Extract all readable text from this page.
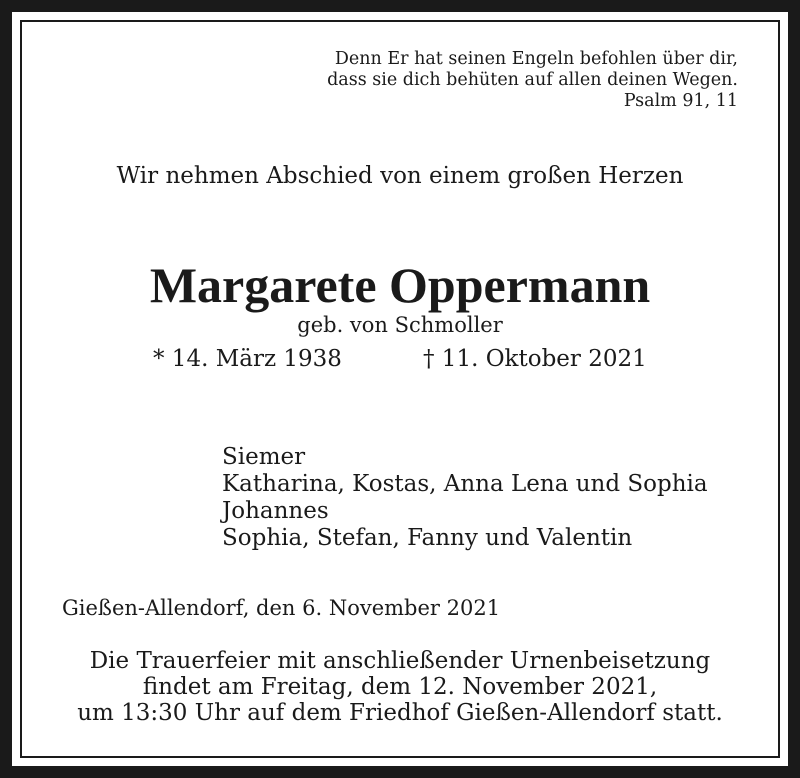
Denn Er hat seinen Engeln befohlen über dir,
dass sie dich behüten auf allen deinen Wegen.
Psalm 91, 11
Wir nehmen Abschied von einem großen Herzen
Margarete Oppermann
geb. von Schmoller
* 14. März 1938	† 11. Oktober 2021
Siemer
Katharina, Kostas, Anna Lena und Sophia
Johannes
Sophia, Stefan, Fanny und Valentin
Gießen-Allendorf, den 6. November 2021
Die Trauerfeier mit anschließender Urnenbeisetzung
findet am Freitag, dem 12. November 2021,
um 13:30 Uhr auf dem Friedhof Gießen-Allendorf statt.
